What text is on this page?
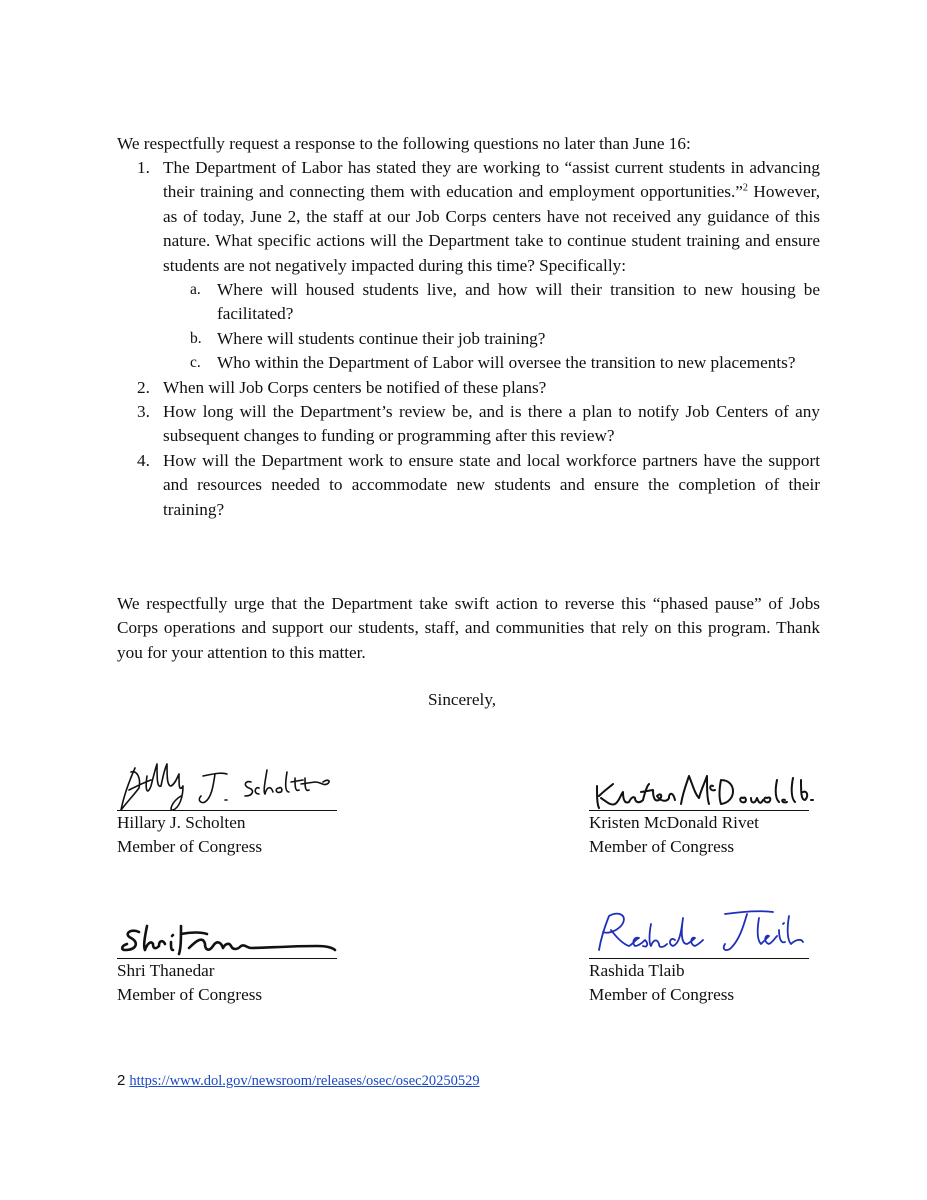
We respectfully request a response to the following questions no later than June 16:

1. The Department of Labor has stated they are working to “assist current students in advancing their training and connecting them with education and employment opportunities.”$^2$ However, as of today, June 2, the staff at our Job Corps centers have not received any guidance of this nature. What specific actions will the Department take to continue student training and ensure students are not negatively impacted during this time? Specifically:
a. Where will housed students live, and how will their transition to new housing be facilitated?
b. Where will students continue their job training?
c. Who within the Department of Labor will oversee the transition to new placements?
2. When will Job Corps centers be notified of these plans?
3. How long will the Department’s review be, and is there a plan to notify Job Centers of any subsequent changes to funding or programming after this review?
4. How will the Department work to ensure state and local workforce partners have the support and resources needed to accommodate new students and ensure the completion of their training?

We respectfully urge that the Department take swift action to reverse this “phased pause” of Jobs Corps operations and support our students, staff, and communities that rely on this program. Thank you for your attention to this matter.

Sincerely,
Hillary J. Scholten
Member of Congress
Kristen McDonald Rivet
Member of Congress
Shri Thanedar
Member of Congress
Rashida Tlaib
Member of Congress
2 https://www.dol.gov/newsroom/releases/osec/osec20250529
